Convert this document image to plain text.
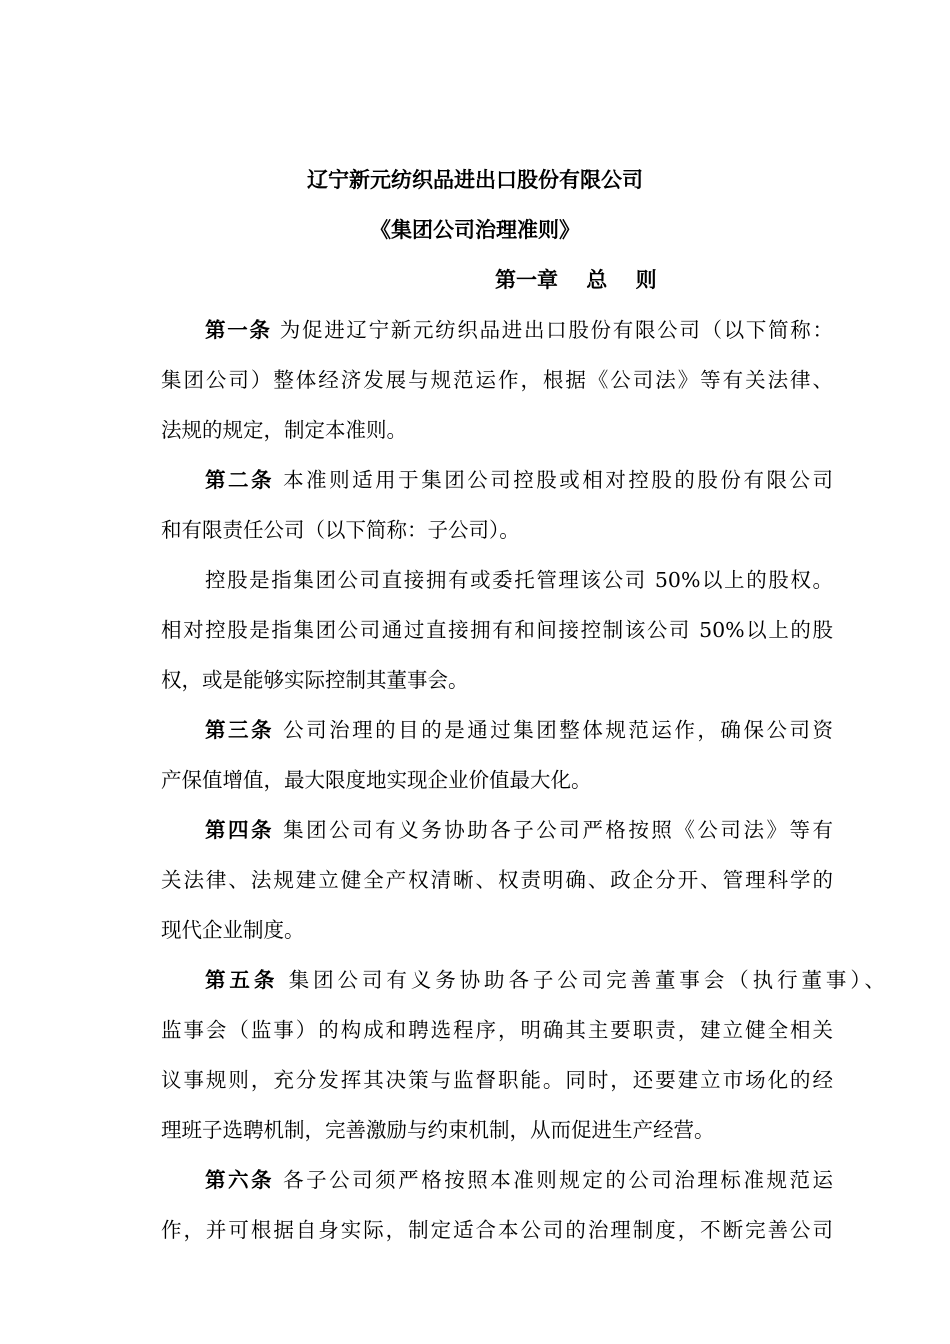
辽宁新元纺织品进出口股份有限公司
《集团公司治理准则》
第一章　 总　 则

第一条 为促进辽宁新元纺织品进出口股份有限公司（以下简称：

集团公司）整体经济发展与规范运作，根据《公司法》等有关法律、

法规的规定，制定本准则。

第二条 本准则适用于集团公司控股或相对控股的股份有限公司

和有限责任公司（以下简称：子公司）。

控股是指集团公司直接拥有或委托管理该公司 50%以上的股权。

相对控股是指集团公司通过直接拥有和间接控制该公司 50%以上的股

权，或是能够实际控制其董事会。

第三条 公司治理的目的是通过集团整体规范运作，确保公司资

产保值增值，最大限度地实现企业价值最大化。

第四条 集团公司有义务协助各子公司严格按照《公司法》等有

关法律、法规建立健全产权清晰、权责明确、政企分开、管理科学的

现代企业制度。

第五条 集团公司有义务协助各子公司完善董事会（执行董事）、

监事会（监事）的构成和聘选程序，明确其主要职责，建立健全相关

议事规则，充分发挥其决策与监督职能。同时，还要建立市场化的经

理班子选聘机制，完善激励与约束机制，从而促进生产经营。

第六条 各子公司须严格按照本准则规定的公司治理标准规范运

作，并可根据自身实际，制定适合本公司的治理制度，不断完善公司
